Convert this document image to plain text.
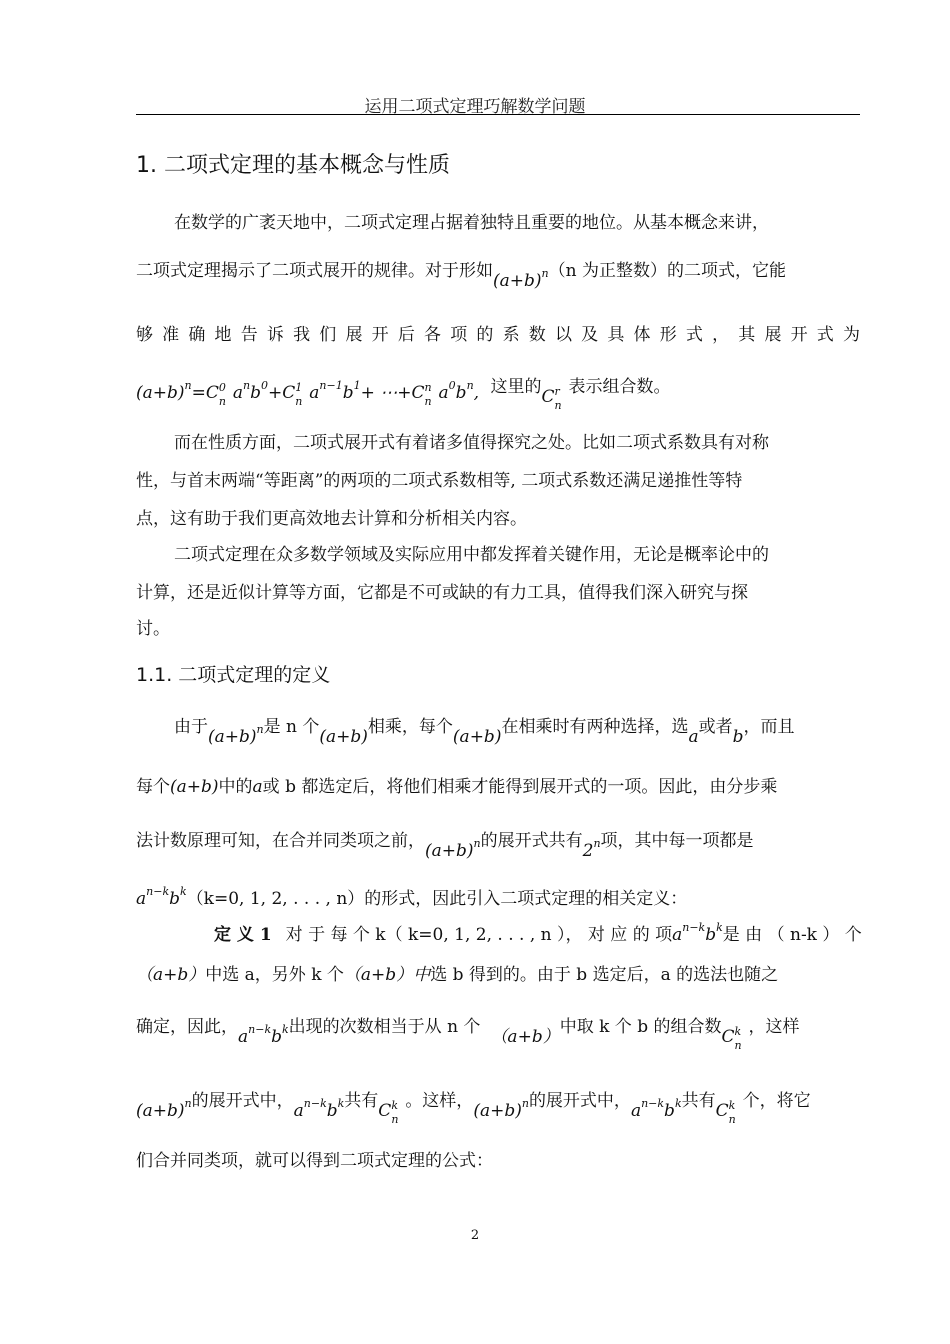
运用二项式定理巧解数学问题
1. 二项式定理的基本概念与性质
在数学的广袤天地中，二项式定理占据着独特且重要的地位。从基本概念来讲，
二项式定理揭示了二项式展开的规律。对于形如$(a+b)^n(n$ 为正整数）的二项式，它能
够 准 确 地 告 诉 我 们 展 开 后 各 项 的 系 数 以 及 具 体 形 式 ， 其 展 开 式 为
$(a+b)^n=C$ 0
n $a^nb^0+C$ 1
n $a^{n-1}b^1+$ ⋯+C n
n $a^0b^n$, 这里的C r
n
表示组合数。
而在性质方面，二项式展开式有着诸多值得探究之处。比如二项式系数具有对称
性，与首末两端“等距离”的两项的二项式系数相等, 二项式系数还满足递推性等特
点，这有助于我们更高效地去计算和分析相关内容。
二项式定理在众多数学领域及实际应用中都发挥着关键作用，无论是概率论中的
计算，还是近似计算等方面，它都是不可或缺的有力工具，值得我们深入研究与探
讨。
1.1. 二项式定理的定义
由于$(a+b)^n$是 n 个(a+b)相乘，每个(a+b)在相乘时有两种选择，选a或者b，而且
每个(a+b)中的a或 b 都选定后，将他们相乘才能得到展开式的一项。因此，由分步乘
法计数原理可知，在合并同类项之前，$(a+b)^n$的展开式共有2$^n$项，其中每一项都是
$a^{n-k}b^k(k=0$, 1, 2, . . . , n）的形式，因此引入二项式定理的相关定义：
定 义 1 对 于 每 个 k（ k=0, 1, 2, . . . , n ）， 对 应 的 项$a^{n-k}b^k$是 由 （ n-k ） 个
（a+b）中选 a，另外 k 个（a+b）中选 b 得到的。由于 b 选定后，a 的选法也随之
确定，因此，$a^{n-k}b^k$出现的次数相当于从 n 个 （a+b）中取 k 个 b 的组合数C k
n
，这样
$(a+b)^n$的展开式中，$a^{n-k}b^k$共有C k
n
。这样，$(a+b)^n$的展开式中，$a^{n-k}b^k$共有C k
n
个，将它
们合并同类项，就可以得到二项式定理的公式：
2
